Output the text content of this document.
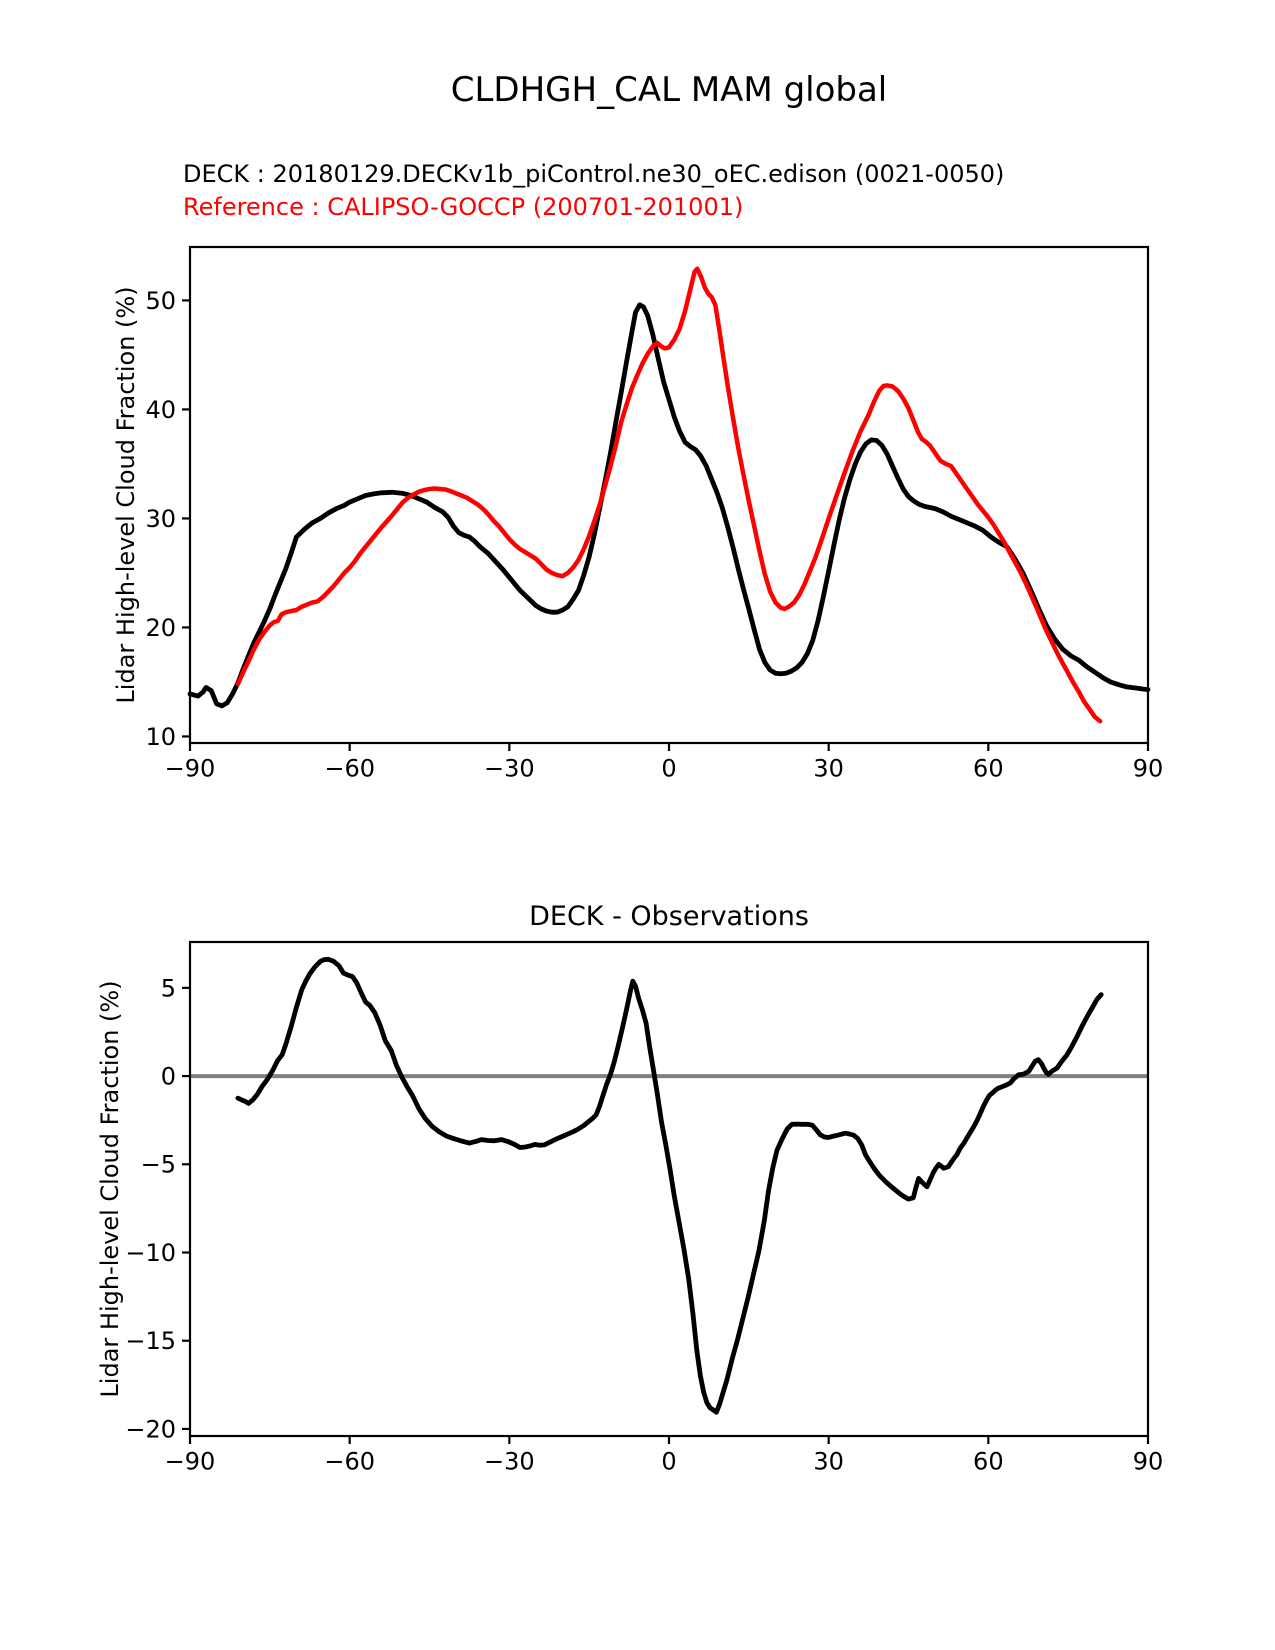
CLDHGH_CAL MAM global
DECK : 20180129.DECKv1b_piControl.ne30_oEC.edison (0021-0050)
Reference : CALIPSO-GOCCP (200701-201001)
Lidar High-level Cloud Fraction (%)
DECK - Observations
Lidar High-level Cloud Fraction (%)
−90	−60	−30	0	30	60	90
10
20
30
40
50
−90	−60	−30	0	30	60	90
5
0
−5
−10
−15
−20
